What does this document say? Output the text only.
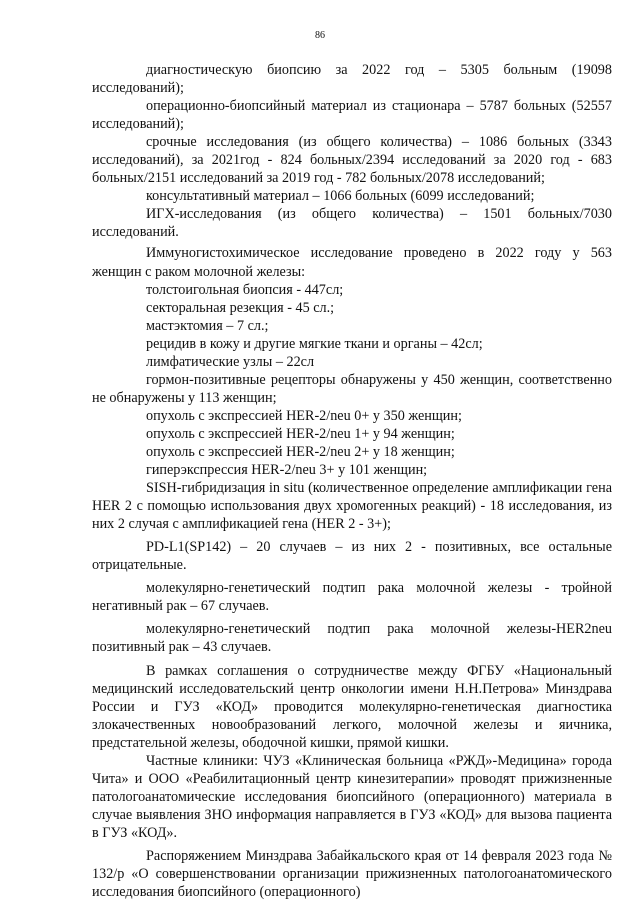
86

диагностическую биопсию за 2022 год – 5305 больным (19098 исследований);

операционно-биопсийный материал из стационара – 5787 больных (52557 исследований);

срочные исследования (из общего количества) – 1086 больных (3343 исследований), за 2021год - 824 больных/2394 исследований за 2020 год - 683 больных/2151 исследований за 2019 год - 782 больных/2078 исследований;

консультативный материал – 1066 больных (6099 исследований;

ИГХ-исследования (из общего количества) – 1501 больных/7030 исследований.

Иммуногистохимическое исследование проведено в 2022 году у 563 женщин с раком молочной железы:

толстоигольная биопсия - 447сл;

секторальная резекция - 45 сл.;

мастэктомия – 7 сл.;

рецидив в кожу и другие мягкие ткани и органы – 42сл;

лимфатические узлы – 22сл

гормон-позитивные рецепторы обнаружены у 450 женщин, соответственно не обнаружены у 113 женщин;

опухоль с экспрессией HER-2/neu 0+ у 350 женщин;

опухоль с экспрессией HER-2/neu 1+ у 94 женщин;

опухоль с экспрессией HER-2/neu 2+ у 18 женщин;

гиперэкспрессия HER-2/neu 3+ у 101 женщин;

SISH-гибридизация in situ (количественное определение амплификации гена HER 2 с помощью использования двух хромогенных реакций) - 18 исследования, из них 2 случая с амплификацией гена (HER 2 - 3+);

PD-L1(SP142) – 20 случаев – из них 2 - позитивных, все остальные отрицательные.

молекулярно-генетический подтип рака молочной железы - тройной негативный рак – 67 случаев.

молекулярно-генетический подтип рака молочной железы-HER2neu позитивный рак – 43 случаев.

В рамках соглашения о сотрудничестве между ФГБУ «Национальный медицинский исследовательский центр онкологии имени Н.Н.Петрова» Минздрава России и ГУЗ «КОД» проводится молекулярно-генетическая диагностика злокачественных новообразований легкого, молочной железы и яичника, предстательной железы, ободочной кишки, прямой кишки.

Частные клиники: ЧУЗ «Клиническая больница «РЖД»-Медицина» города Чита» и ООО «Реабилитационный центр кинезитерапии» проводят прижизненные патологоанатомические исследования биопсийного (операционного) материала в случае выявления ЗНО информация направляется в ГУЗ «КОД» для вызова пациента в ГУЗ «КОД».

Распоряжением Минздрава Забайкальского края от 14 февраля 2023 года № 132/р «О совершенствовании организации прижизненных патологоанатомического исследования биопсийного (операционного)
